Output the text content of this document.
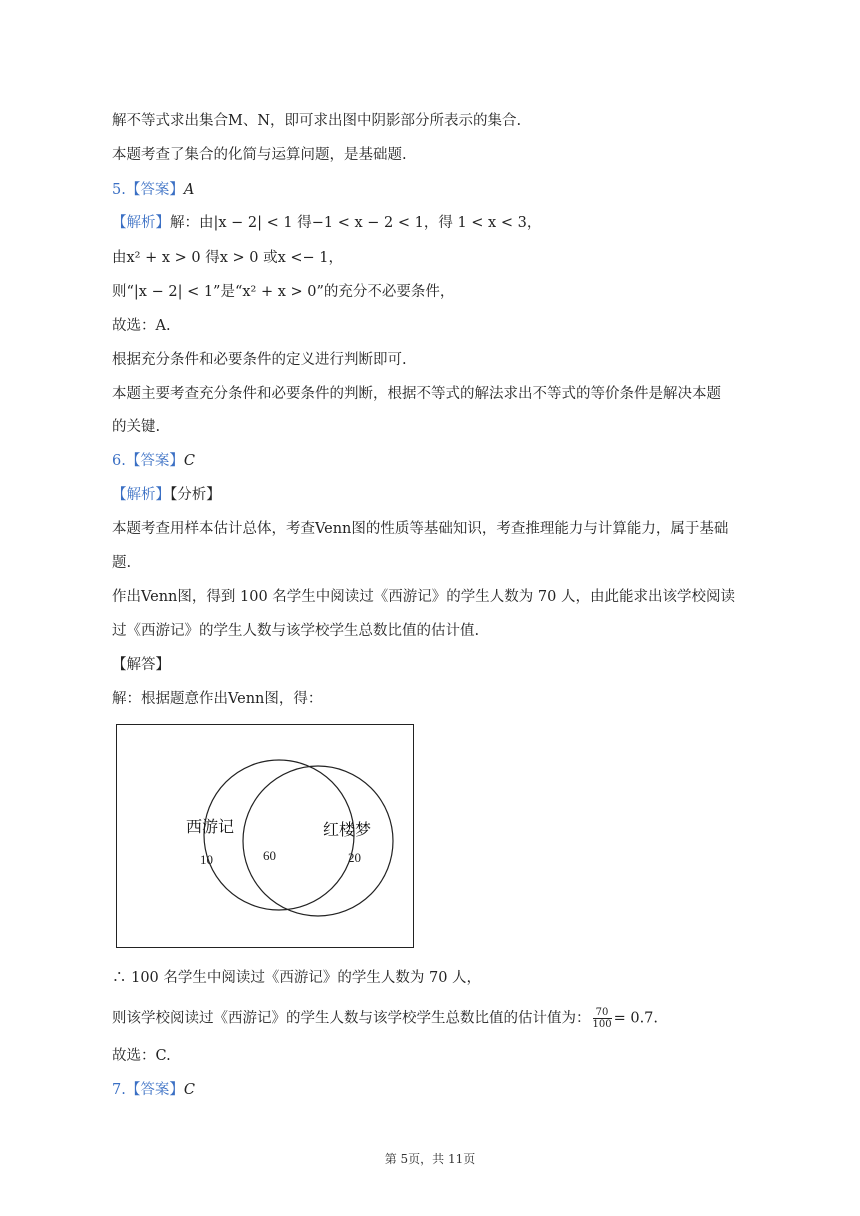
解不等式求出集合M、N，即可求出图中阴影部分所表示的集合.
本题考查了集合的化简与运算问题，是基础题.
5.【答案】A
【解析】解：由|x − 2| < 1 得−1 < x − 2 < 1，得 1 < x < 3，
由x² + x > 0 得x > 0 或x <− 1，
则“|x − 2| < 1”是“x² + x > 0”的充分不必要条件，
故选：A.
根据充分条件和必要条件的定义进行判断即可.
本题主要考查充分条件和必要条件的判断，根据不等式的解法求出不等式的等价条件是解决本题
的关键.
6.【答案】C
【解析】【分析】
本题考查用样本估计总体，考查Venn图的性质等基础知识，考查推理能力与计算能力，属于基础
题.
作出Venn图，得到 100 名学生中阅读过《西游记》的学生人数为 70 人，由此能求出该学校阅读
过《西游记》的学生人数与该学校学生总数比值的估计值.
【解答】
解：根据题意作出Venn图，得：
西游记	红楼梦
10	60	20
∴ 100 名学生中阅读过《西游记》的学生人数为 70 人，
则该学校阅读过《西游记》的学生人数与该学校学生总数比值的估计值为： $\frac{70}{100} = 0.7$.
故选：C.
7.【答案】C
第 5页，共 11页
